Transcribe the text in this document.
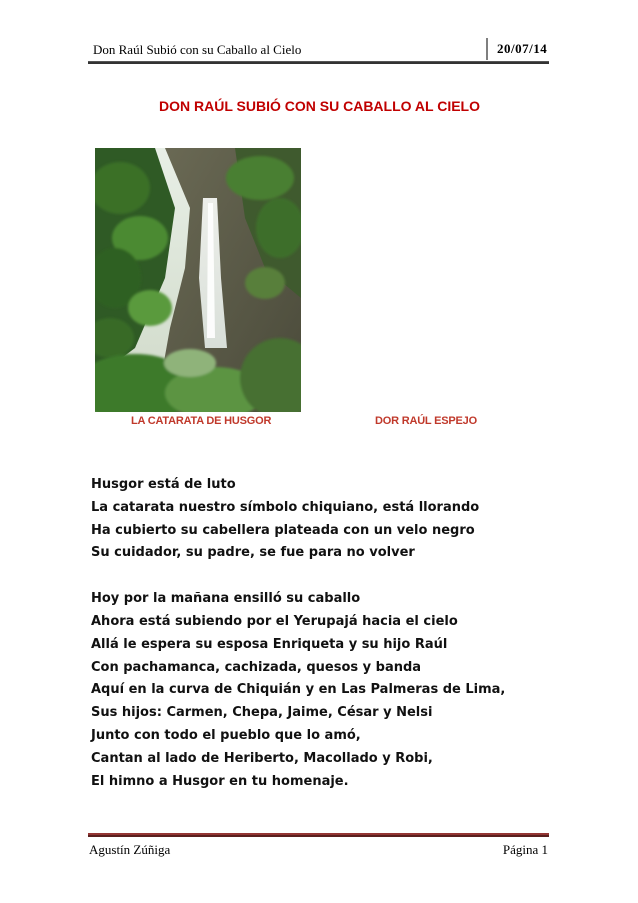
Don Raúl Subió con su Caballo al Cielo	20/07/14
DON RAÚL SUBIÓ CON SU CABALLO AL CIELO
LA CATARATA DE HUSGOR	DOR RAÚL ESPEJO
Husgor está de luto
La catarata nuestro símbolo chiquiano, está llorando
Ha cubierto su cabellera plateada con un velo negro
Su cuidador, su padre, se fue para no volver
Hoy por la mañana ensilló su caballo
Ahora está subiendo por el Yerupajá hacia el cielo
Allá le espera su esposa Enriqueta y su hijo Raúl
Con pachamanca, cachizada, quesos y banda
Aquí en la curva de Chiquián y en Las Palmeras de Lima,
Sus hijos: Carmen, Chepa, Jaime, César y Nelsi
Junto con todo el pueblo que lo amó,
Cantan al lado de Heriberto, Macollado y Robi,
El himno a Husgor en tu homenaje.
Agustín Zúñiga	Página 1
